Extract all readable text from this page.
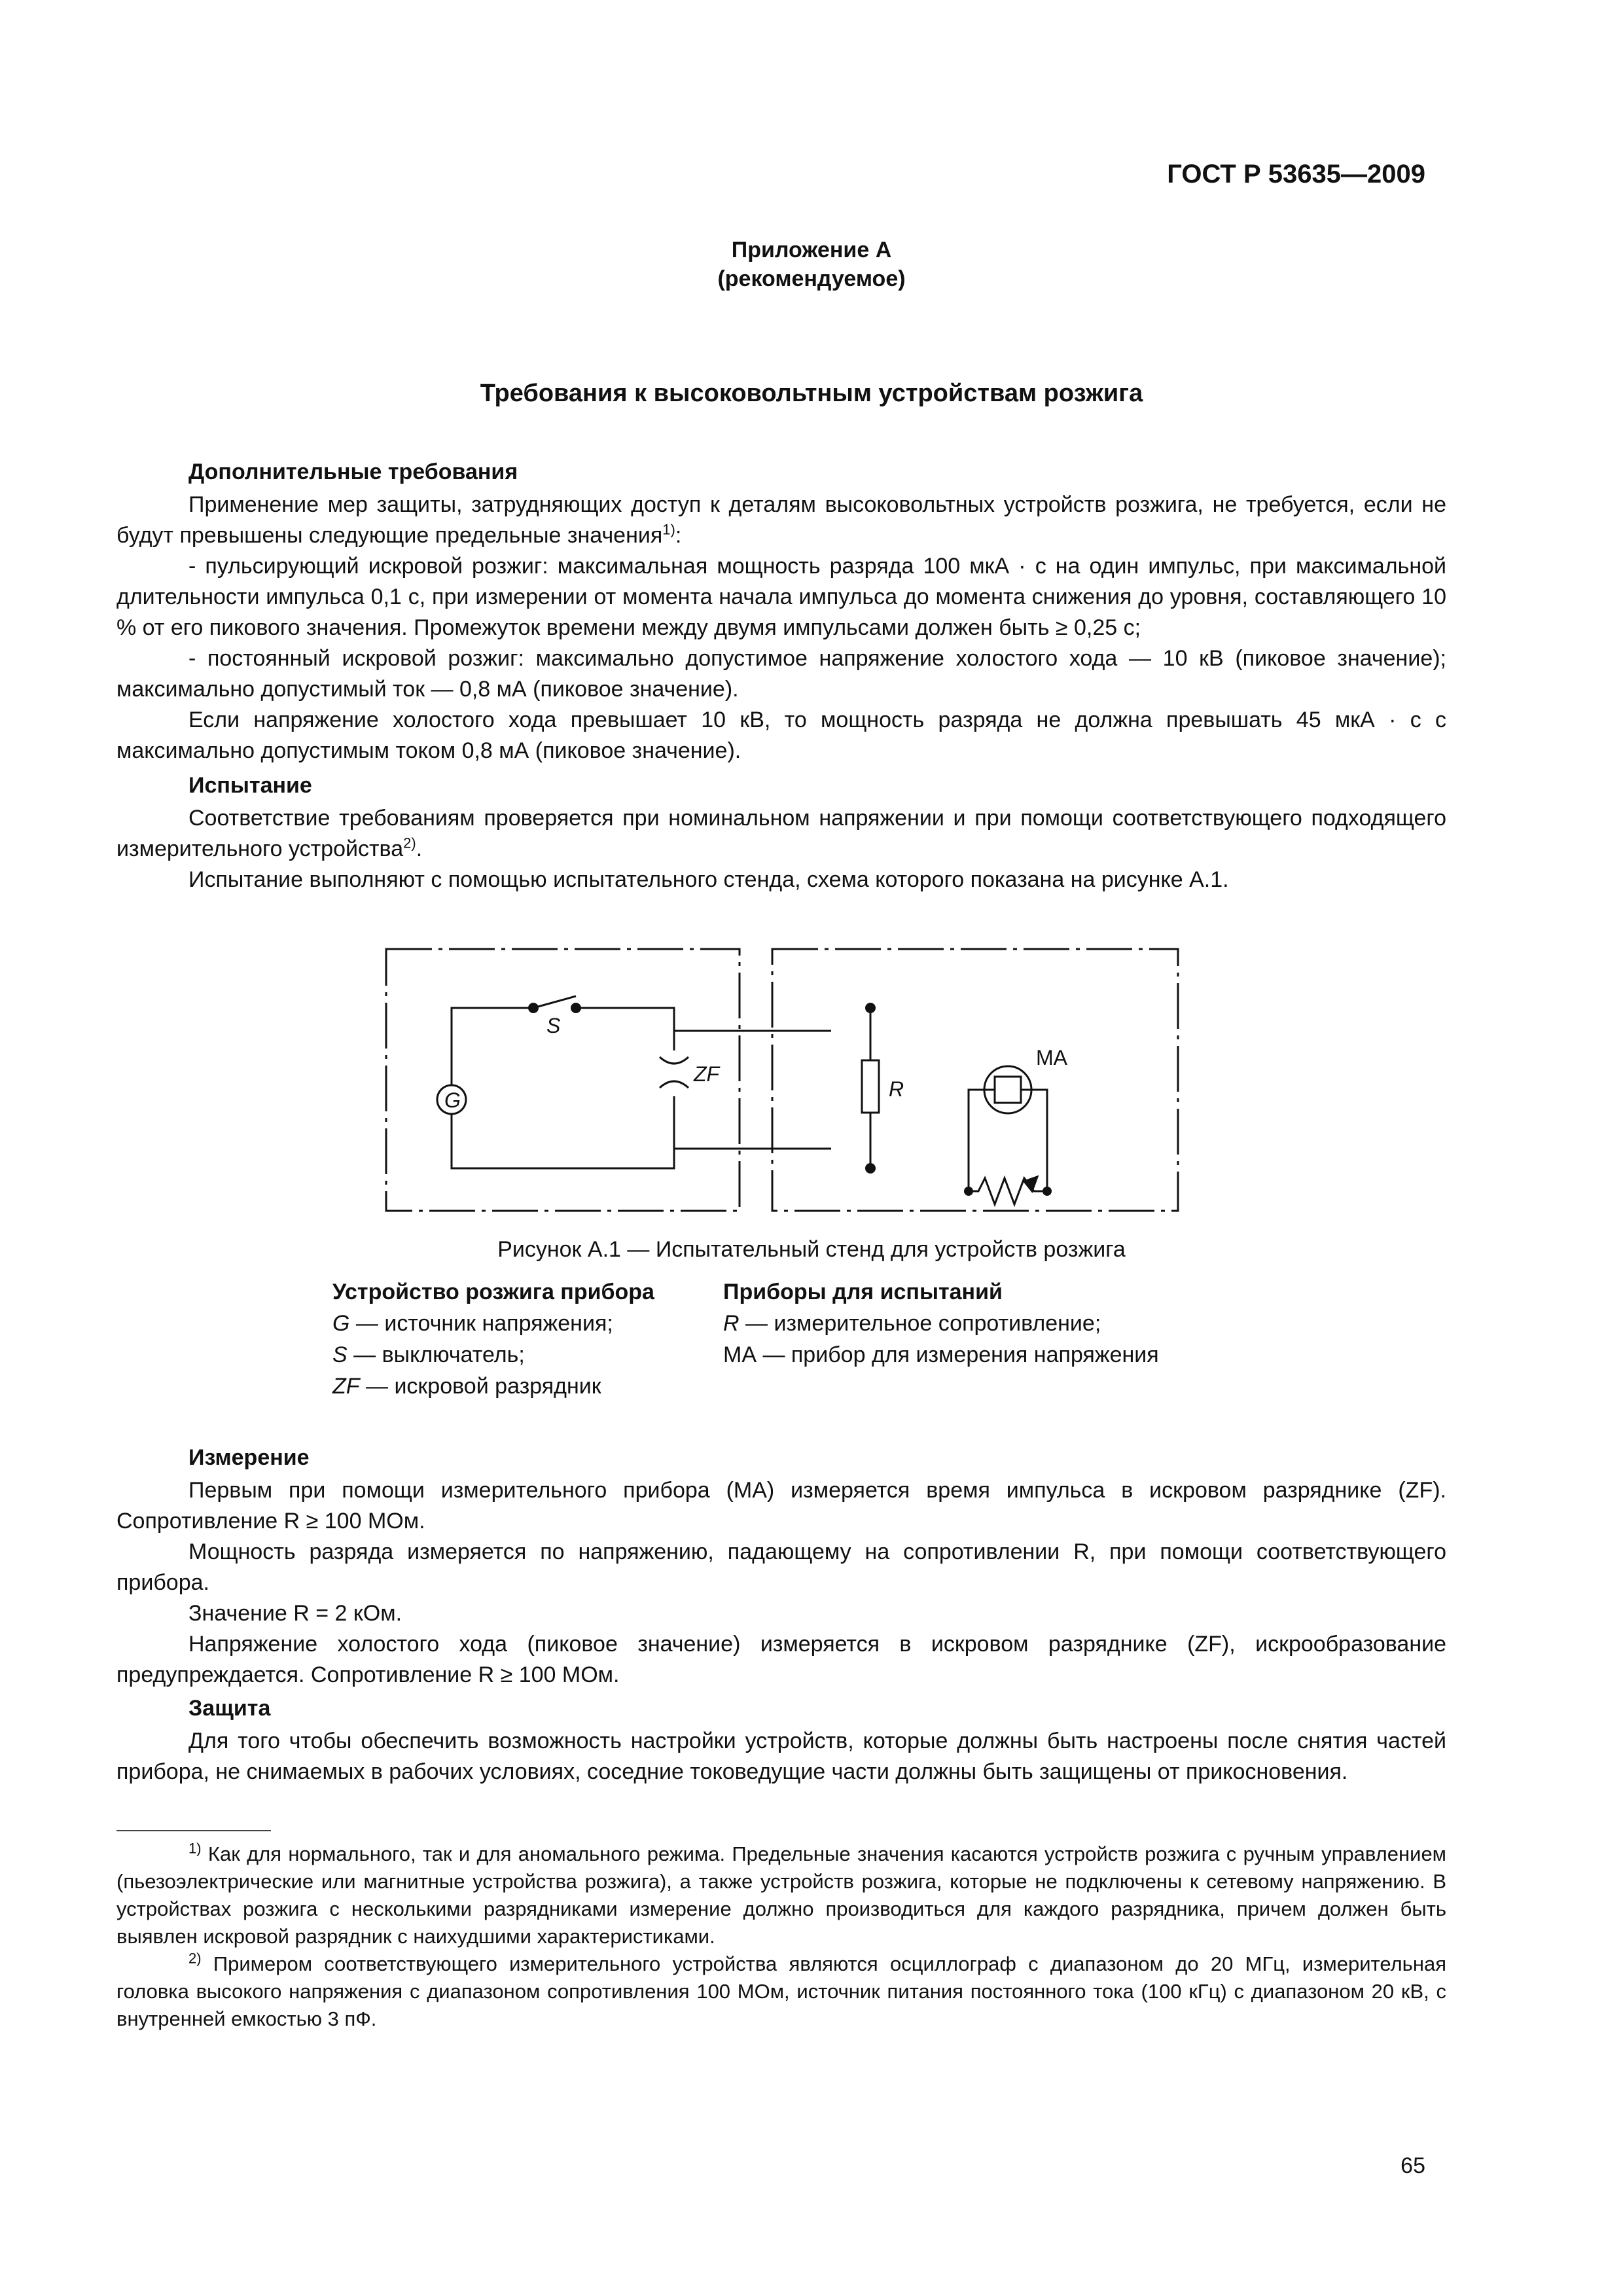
ГОСТ Р 53635—2009
Приложение А
(рекомендуемое)
Требования к высоковольтным устройствам розжига
Дополнительные требования

Применение мер защиты, затрудняющих доступ к деталям высоковольтных устройств розжига, не требуется, если не будут превышены следующие предельные значения$^{1)}$:

- пульсирующий искровой розжиг: максимальная мощность разряда 100 мкА · с на один импульс, при максимальной длительности импульса 0,1 с, при измерении от момента начала импульса до момента снижения до уровня, составляющего 10 % от его пикового значения. Промежуток времени между двумя импульсами должен быть ≥ 0,25 с;

- постоянный искровой розжиг: максимально допустимое напряжение холостого хода — 10 кВ (пиковое значение); максимально допустимый ток — 0,8 мА (пиковое значение).

Если напряжение холостого хода превышает 10 кВ, то мощность разряда не должна превышать 45 мкА · с с максимально допустимым током 0,8 мА (пиковое значение).

Испытание

Соответствие требованиям проверяется при номинальном напряжении и при помощи соответствующего подходящего измерительного устройства$^{2)}$.

Испытание выполняют с помощью испытательного стенда, схема которого показана на рисунке А.1.

S
G
ZF
R
MA
Рисунок А.1 — Испытательный стенд для устройств розжига
Устройство розжига прибора
G — источник напряжения;
S — выключатель;
ZF — искровой разрядник
Приборы для испытаний
R — измерительное сопротивление;
МА — прибор для измерения напряжения
Измерение

Первым при помощи измерительного прибора (МА) измеряется время импульса в искровом разряднике (ZF). Сопротивление R ≥ 100 МОм.

Мощность разряда измеряется по напряжению, падающему на сопротивлении R, при помощи соответствующего прибора.

Значение R = 2 кОм.

Напряжение холостого хода (пиковое значение) измеряется в искровом разряднике (ZF), искрообразование предупреждается. Сопротивление R ≥ 100 МОм.

Защита

Для того чтобы обеспечить возможность настройки устройств, которые должны быть настроены после снятия частей прибора, не снимаемых в рабочих условиях, соседние токоведущие части должны быть защищены от прикосновения.

$^{1)}$ Как для нормального, так и для аномального режима. Предельные значения касаются устройств розжига с ручным управлением (пьезоэлектрические или магнитные устройства розжига), а также устройств розжига, которые не подключены к сетевому напряжению. В устройствах розжига с несколькими разрядниками измерение должно производиться для каждого разрядника, причем должен быть выявлен искровой разрядник с наихудшими характеристиками.

$^{2)}$ Примером соответствующего измерительного устройства являются осциллограф с диапазоном до 20 МГц, измерительная головка высокого напряжения с диапазоном сопротивления 100 МОм, источник питания постоянного тока (100 кГц) с диапазоном 20 кВ, с внутренней емкостью 3 пФ.

65
